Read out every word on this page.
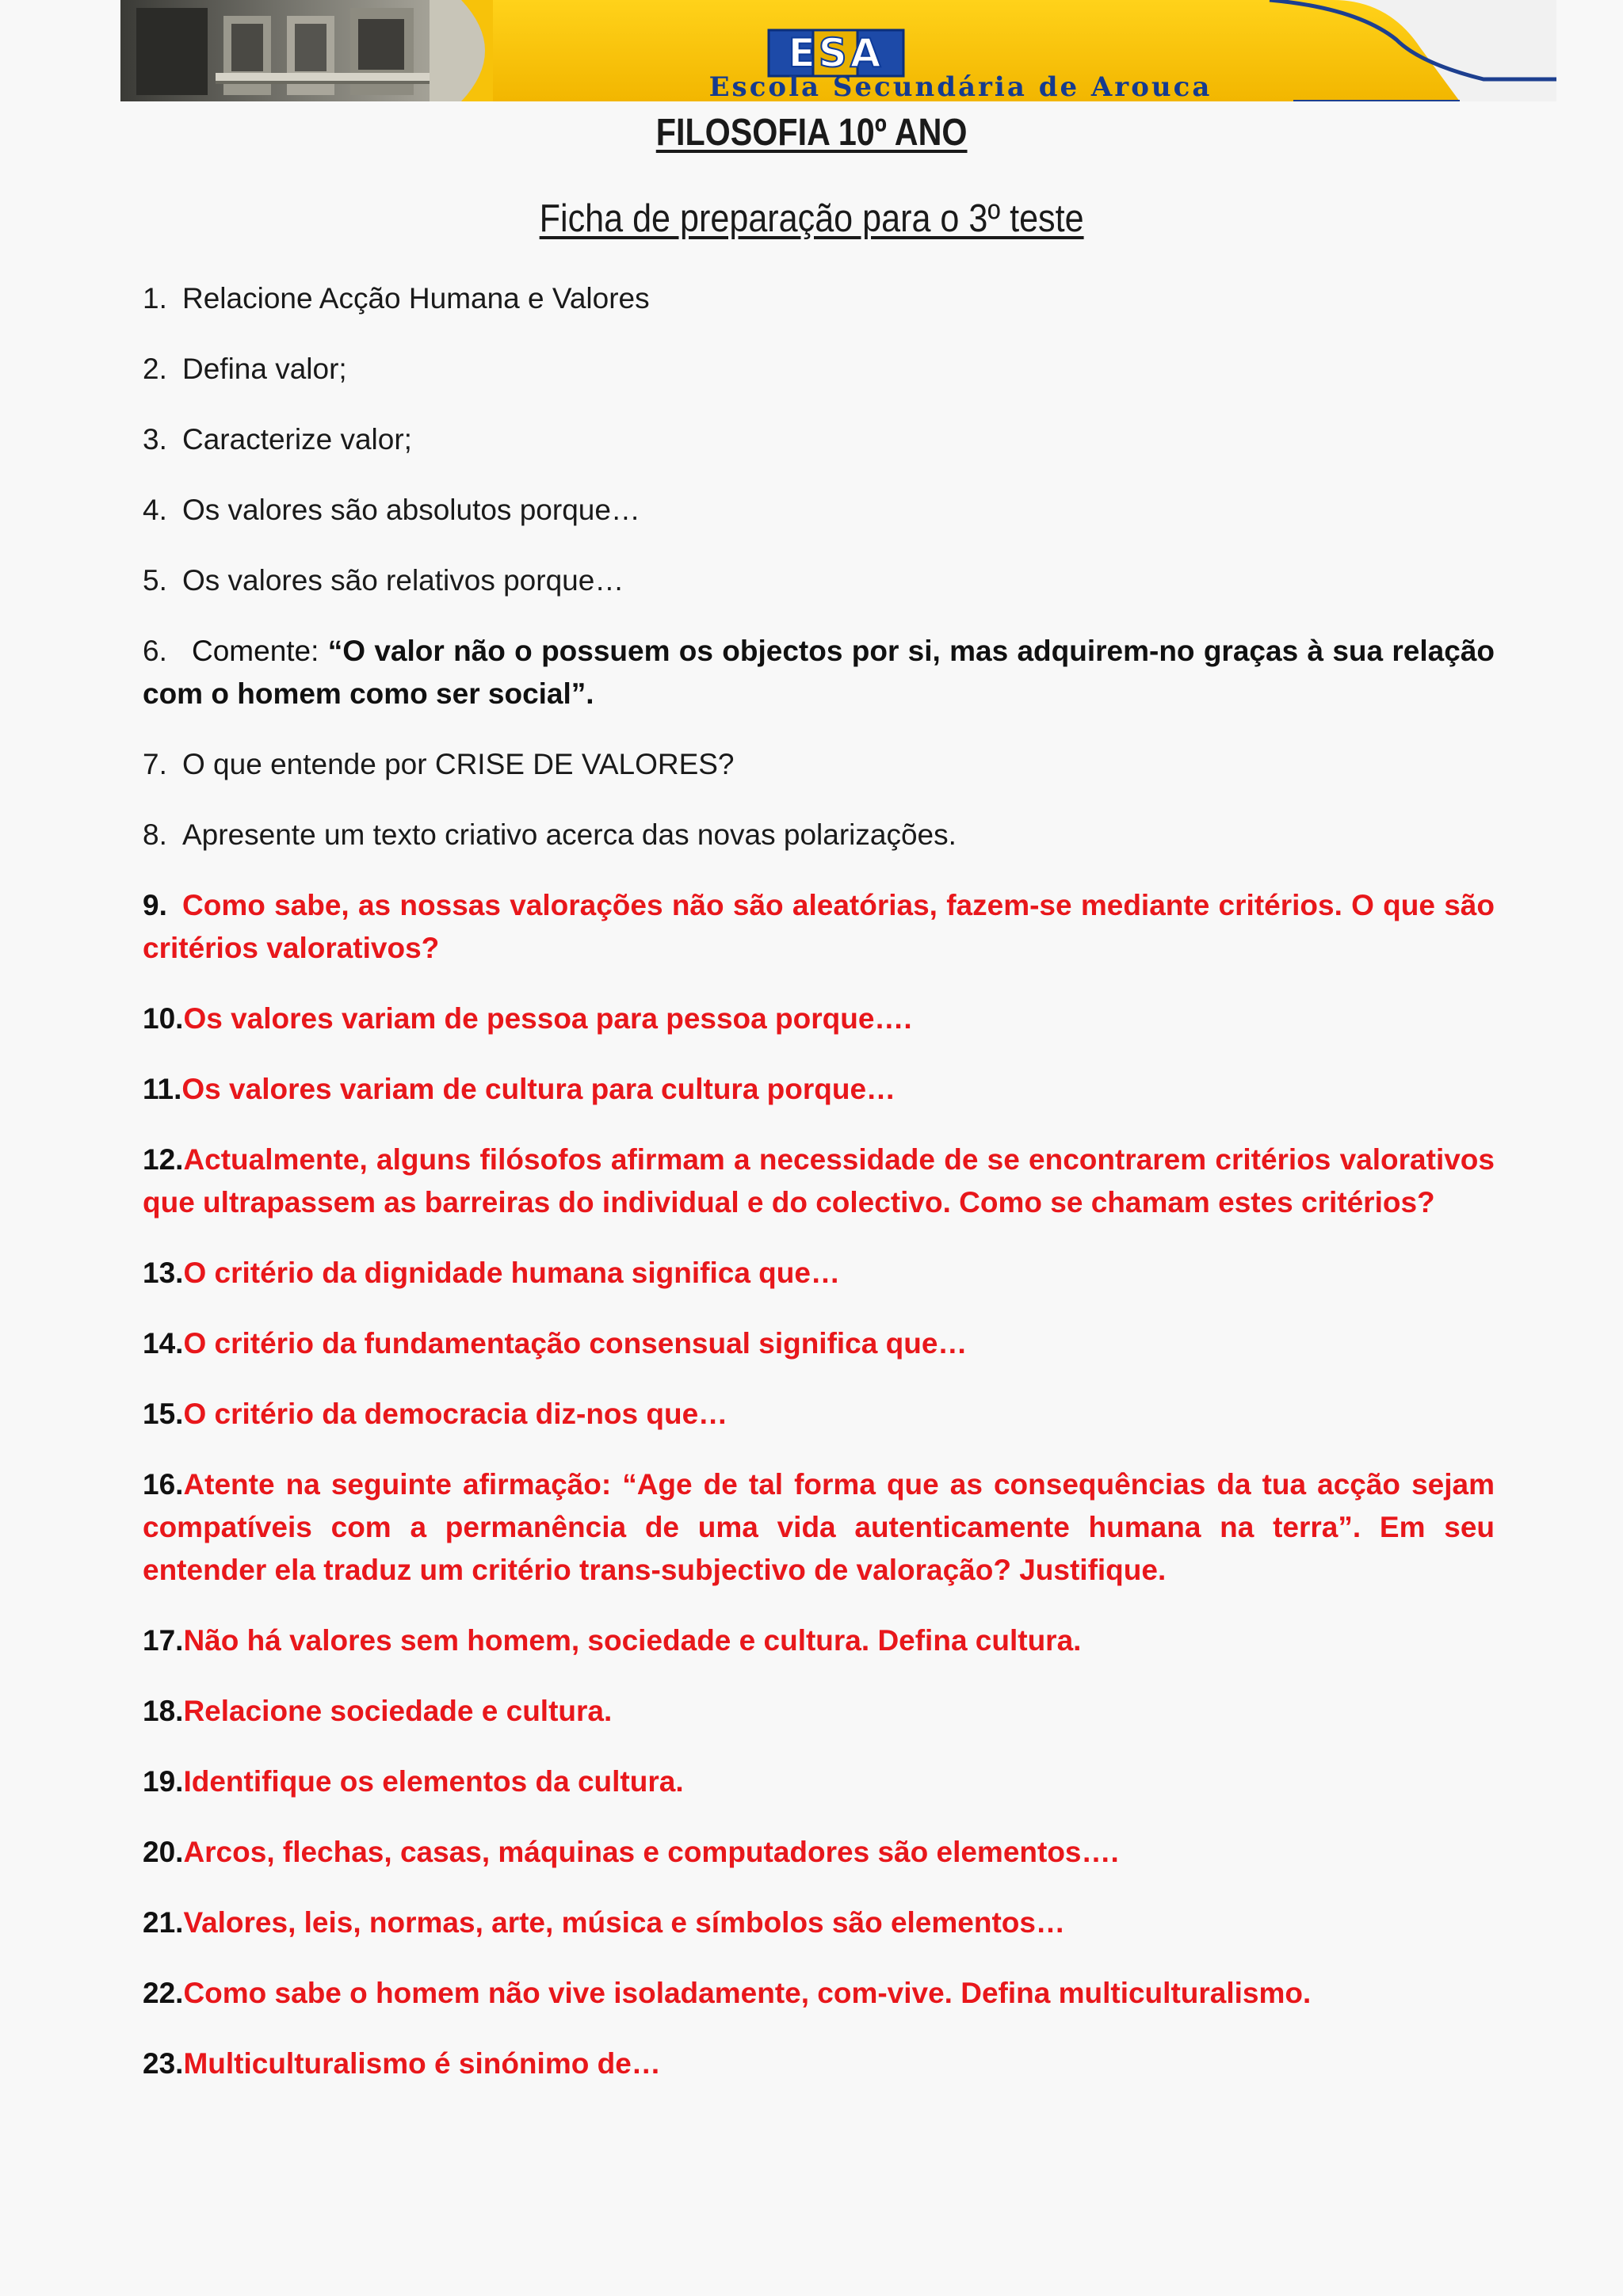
ESA
Escola Secundária de Arouca
FILOSOFIA 10º ANO
Ficha de preparação para o 3º teste
1. Relacione Acção Humana e Valores
2. Defina valor;
3. Caracterize valor;
4. Os valores são absolutos porque…
5. Os valores são relativos porque…
6. Comente: “O valor não o possuem os objectos por si, mas adquirem-no graças à sua relação com o homem como ser social”.
7. O que entende por CRISE DE VALORES?
8. Apresente um texto criativo acerca das novas polarizações.
9. Como sabe, as nossas valorações não são aleatórias, fazem-se mediante critérios. O que são critérios valorativos?
10.Os valores variam de pessoa para pessoa porque….
11.Os valores variam de cultura para cultura porque…
12.Actualmente, alguns filósofos afirmam a necessidade de se encontrarem critérios valorativos que ultrapassem as barreiras do individual e do colectivo. Como se chamam estes critérios?
13.O critério da dignidade humana significa que…
14.O critério da fundamentação consensual significa que…
15.O critério da democracia diz-nos que…
16.Atente na seguinte afirmação: “Age de tal forma que as consequências da tua acção sejam compatíveis com a permanência de uma vida autenticamente humana na terra”. Em seu entender ela traduz um critério trans-subjectivo de valoração? Justifique.
17.Não há valores sem homem, sociedade e cultura. Defina cultura.
18.Relacione sociedade e cultura.
19.Identifique os elementos da cultura.
20.Arcos, flechas, casas, máquinas e computadores são elementos….
21.Valores, leis, normas, arte, música e símbolos são elementos…
22.Como sabe o homem não vive isoladamente, com-vive. Defina multiculturalismo.
23.Multiculturalismo é sinónimo de…
